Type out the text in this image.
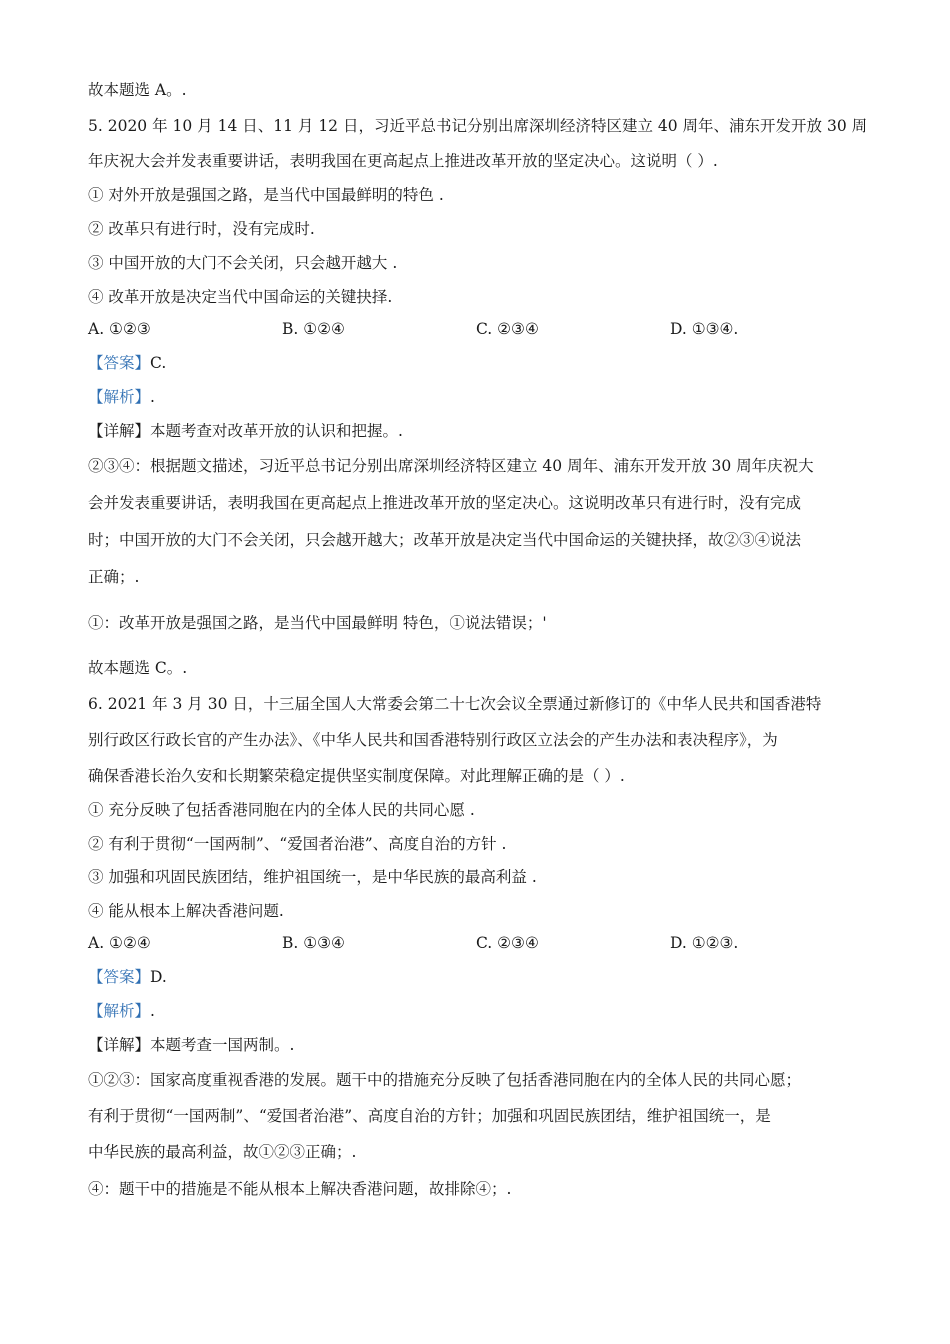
故本题选 A。.
5. 2020 年 10 月 14 日、11 月 12 日，习近平总书记分别出席深圳经济特区建立 40 周年、浦东开发开放 30 周
年庆祝大会并发表重要讲话，表明我国在更高起点上推进改革开放的坚定决心。这说明（ ）.
① 对外开放是强国之路，是当代中国最鲜明的特色 .
② 改革只有进行时，没有完成时.
③ 中国开放的大门不会关闭，只会越开越大 .
④ 改革开放是决定当代中国命运的关键抉择.
A. ①②③	B. ①②④	C. ②③④	D. ①③④.
【答案】C.
【解析】.
【详解】本题考查对改革开放的认识和把握。.
②③④：根据题文描述，习近平总书记分别出席深圳经济特区建立 40 周年、浦东开发开放 30 周年庆祝大
会并发表重要讲话，表明我国在更高起点上推进改革开放的坚定决心。这说明改革只有进行时，没有完成
时；中国开放的大门不会关闭，只会越开越大；改革开放是决定当代中国命运的关键抉择，故②③④说法
正确；.
①：改革开放是强国之路，是当代中国最鲜明 特色，①说法错误；'
故本题选 C。.
6. 2021 年 3 月 30 日，十三届全国人大常委会第二十七次会议全票通过新修订的《中华人民共和国香港特
别行政区行政长官的产生办法》、《中华人民共和国香港特别行政区立法会的产生办法和表决程序》，为
确保香港长治久安和长期繁荣稳定提供坚实制度保障。对此理解正确的是（ ）.
① 充分反映了包括香港同胞在内的全体人民的共同心愿 .
② 有利于贯彻“一国两制”、“爱国者治港”、高度自治的方针 .
③ 加强和巩固民族团结，维护祖国统一，是中华民族的最高利益 .
④ 能从根本上解决香港问题.
A. ①②④	B. ①③④	C. ②③④	D. ①②③.
【答案】D.
【解析】.
【详解】本题考查一国两制。.
①②③：国家高度重视香港的发展。题干中的措施充分反映了包括香港同胞在内的全体人民的共同心愿；
有利于贯彻“一国两制”、“爱国者治港”、高度自治的方针；加强和巩固民族团结，维护祖国统一，是
中华民族的最高利益，故①②③正确；.
④：题干中的措施是不能从根本上解决香港问题，故排除④；.
